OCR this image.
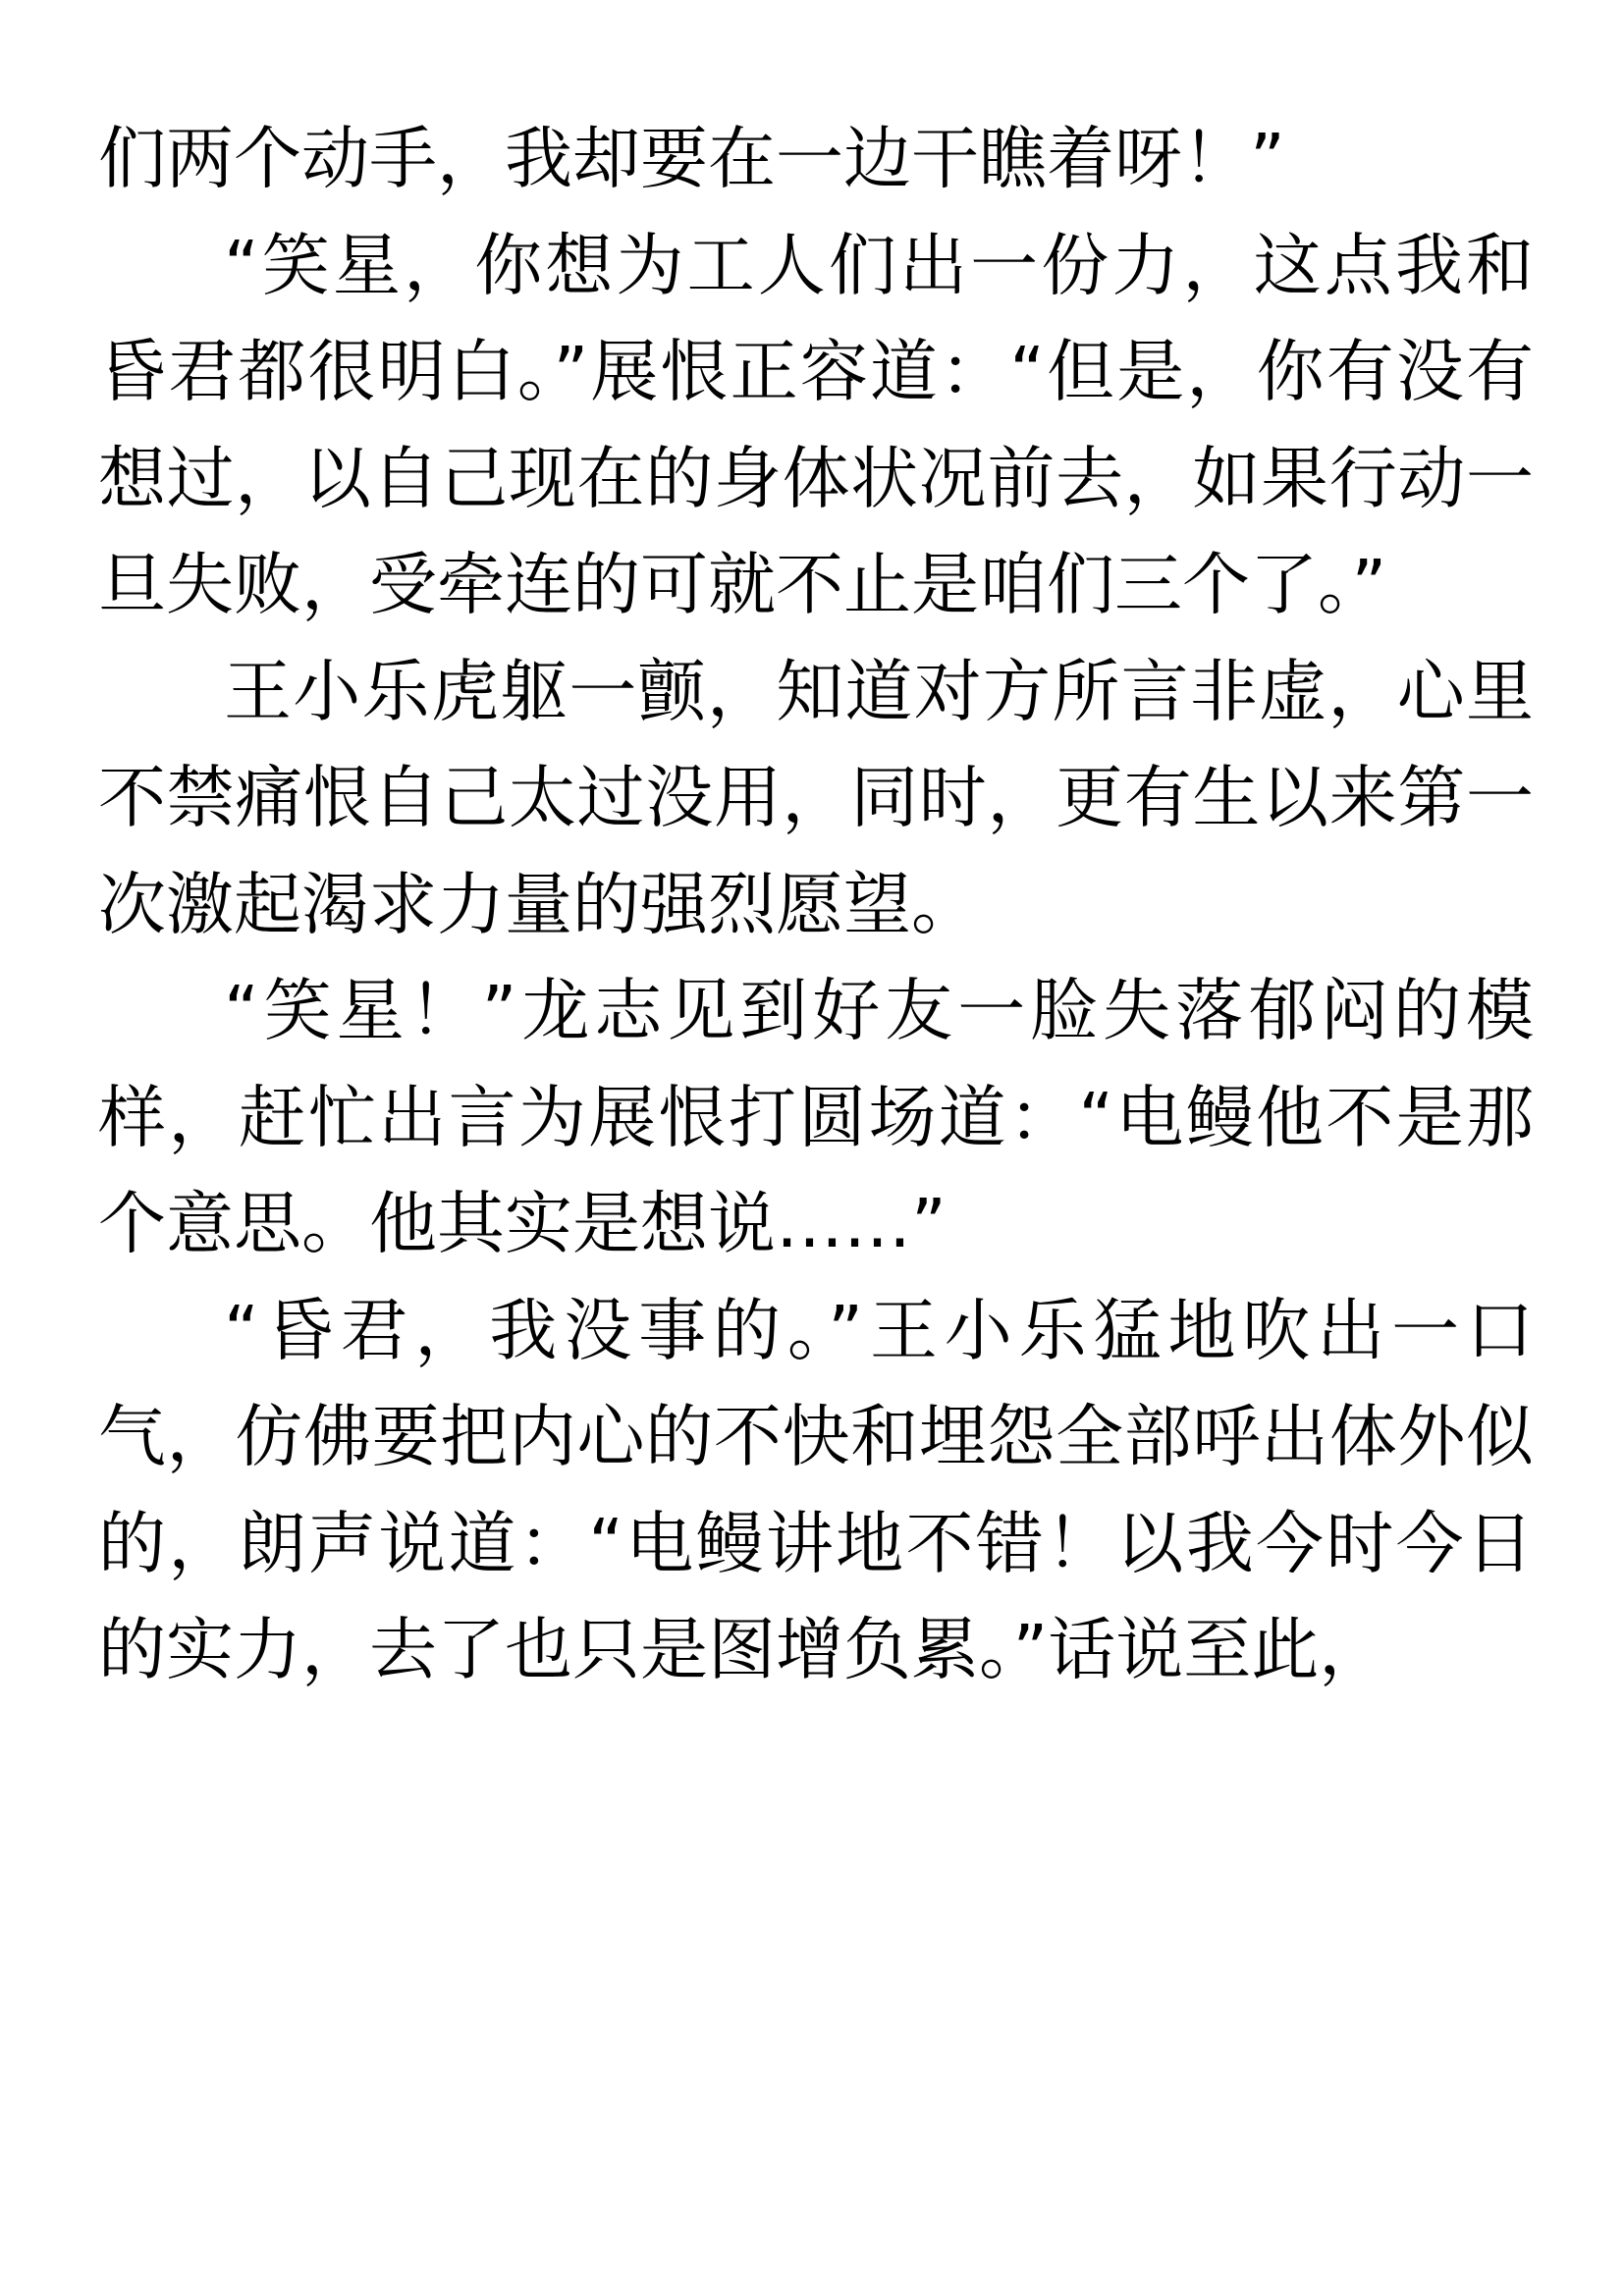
们两个动手，我却要在一边干瞧着呀！”

“笑星，你想为工人们出一份力，这点我和昏君都很明白。”展恨正容道：“但是，你有没有想过，以自己现在的身体状况前去，如果行动一旦失败，受牵连的可就不止是咱们三个了。”

王小乐虎躯一颤，知道对方所言非虚，心里不禁痛恨自己太过没用，同时，更有生以来第一次激起渴求力量的强烈愿望。

“笑星！”龙志见到好友一脸失落郁闷的模样，赶忙出言为展恨打圆场道：“电鳗他不是那个意思。他其实是想说……”

“昏君，我没事的。”王小乐猛地吹出一口气，仿佛要把内心的不快和埋怨全部呼出体外似的，朗声说道：“电鳗讲地不错！以我今时今日的实力，去了也只是图增负累。”话说至此，
